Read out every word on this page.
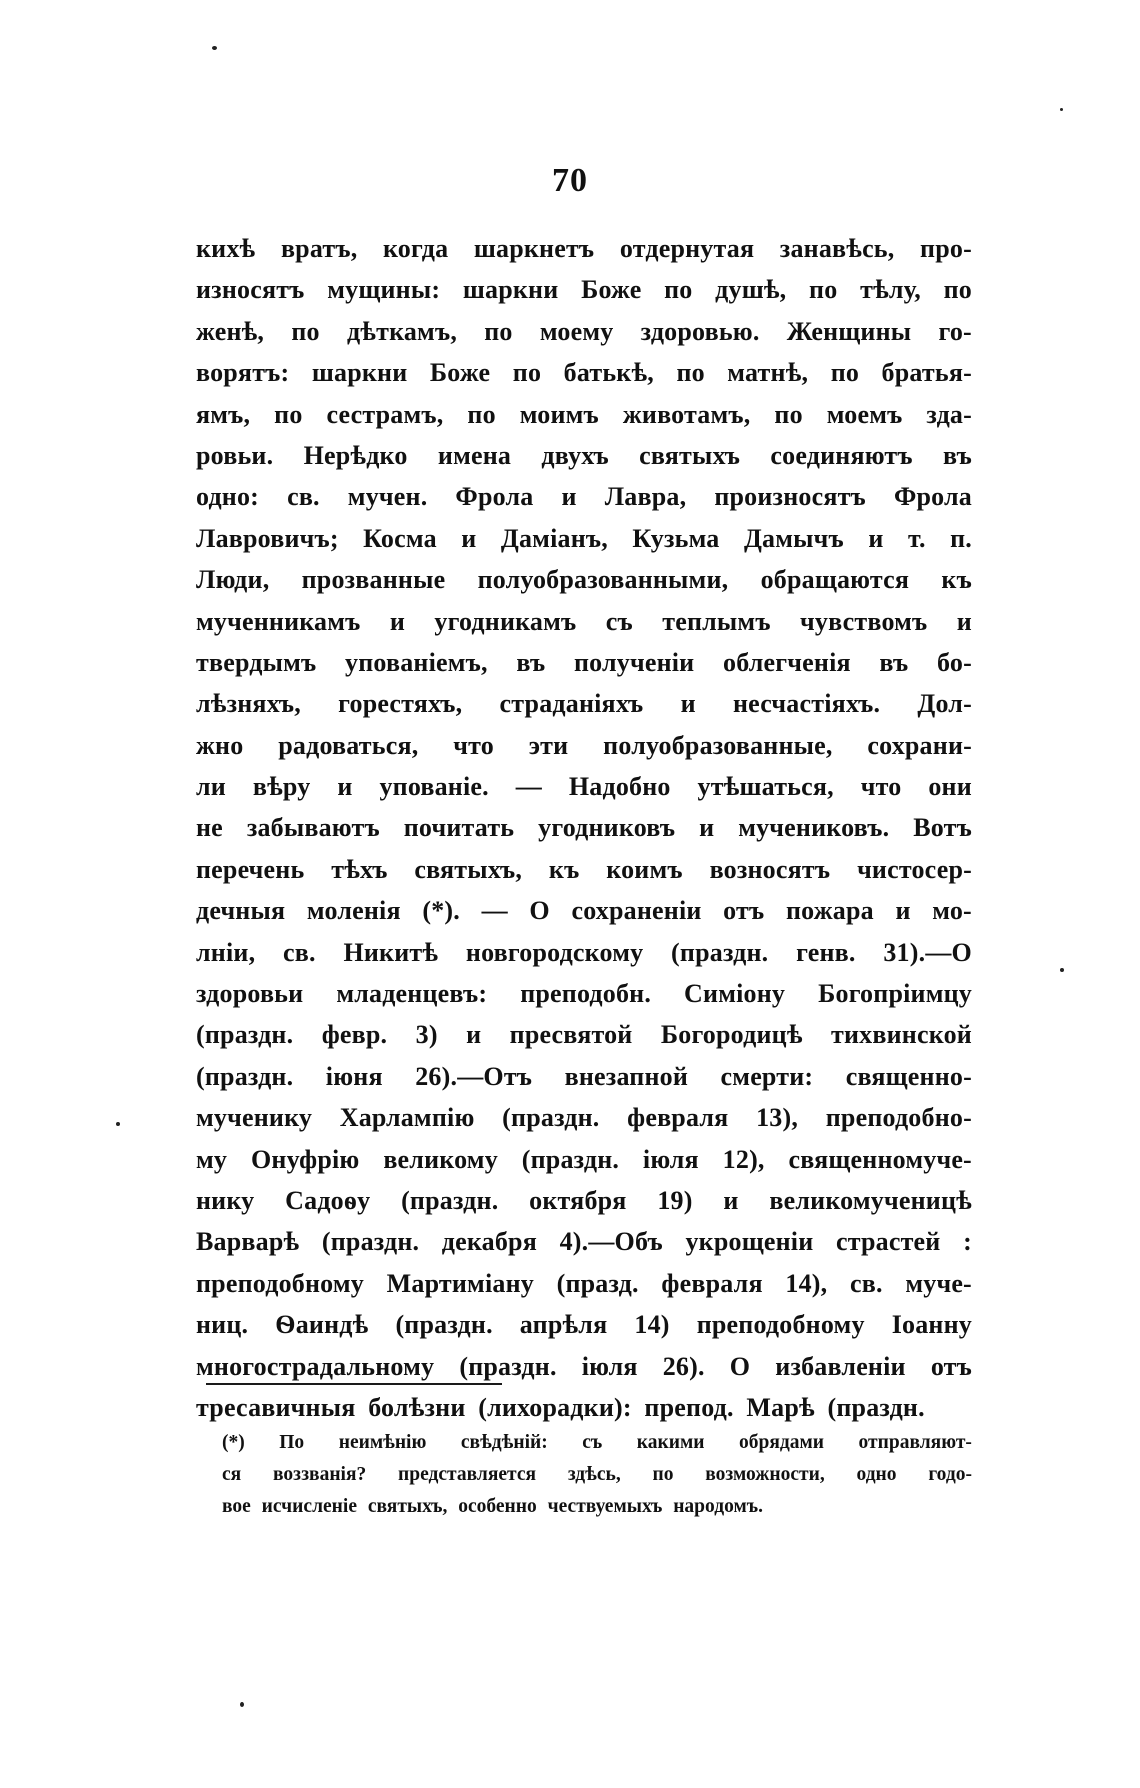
70
кихѣ вратъ, когда шаркнетъ отдернутая занавѣсь, про-
износятъ мущины: шаркни Боже по душѣ, по тѣлу, по
женѣ, по дѣткамъ, по моему здоровью. Женщины го-
ворятъ: шаркни Боже по батькѣ, по матнѣ, по братья-
ямъ, по сестрамъ, по моимъ животамъ, по моемъ зда-
ровьи. Нерѣдко имена двухъ святыхъ соединяютъ въ
одно: св. мучен. Фрола и Лавра, произносятъ Фрола
Лавровичъ; Косма и Даміанъ, Кузьма Дамычъ и т. п.
Люди, прозванные полуобразованными, обращаются къ
мученникамъ и угодникамъ съ теплымъ чувствомъ и
твердымъ упованіемъ, въ полученіи облегченія въ бо-
лѣзняхъ, горестяхъ, страданіяхъ и несчастіяхъ. Дол-
жно радоваться, что эти полуобразованные, сохрани-
ли вѣру и упованіе. — Надобно утѣшаться, что они
не забываютъ почитать угодниковъ и мучениковъ. Вотъ
перечень тѣхъ святыхъ, къ коимъ возносятъ чистосер-
дечныя моленія (*). — О сохраненіи отъ пожара и мо-
лніи, св. Никитѣ новгородскому (праздн. генв. 31).—О
здоровьи младенцевъ: преподобн. Симіону Богопріимцу
(праздн. февр. 3) и пресвятой Богородицѣ тихвинской
(праздн. іюня 26).—Отъ внезапной смерти: священно-
мученику Харлампію (праздн. февраля 13), преподобно-
му Онуфрію великому (праздн. іюля 12), священномуче-
нику Садоѳу (праздн. октября 19) и великомученицѣ
Варварѣ (праздн. декабря 4).—Объ укрощеніи страстей :
преподобному Мартиміану (празд. февраля 14), св. муче-
ниц. Ѳаиндѣ (праздн. апрѣля 14) преподобному Іоанну
многострадальному (праздн. іюля 26). О избавленіи отъ
тресавичныя болѣзни (лихорадки): препод. Марѣ (праздн.
(*) По неимѣнію свѣдѣній: съ какими обрядами отправляют-
ся воззванія? представляется здѣсь, по возможности, одно годо-
вое исчисленіе святыхъ, особенно чествуемыхъ народомъ.
